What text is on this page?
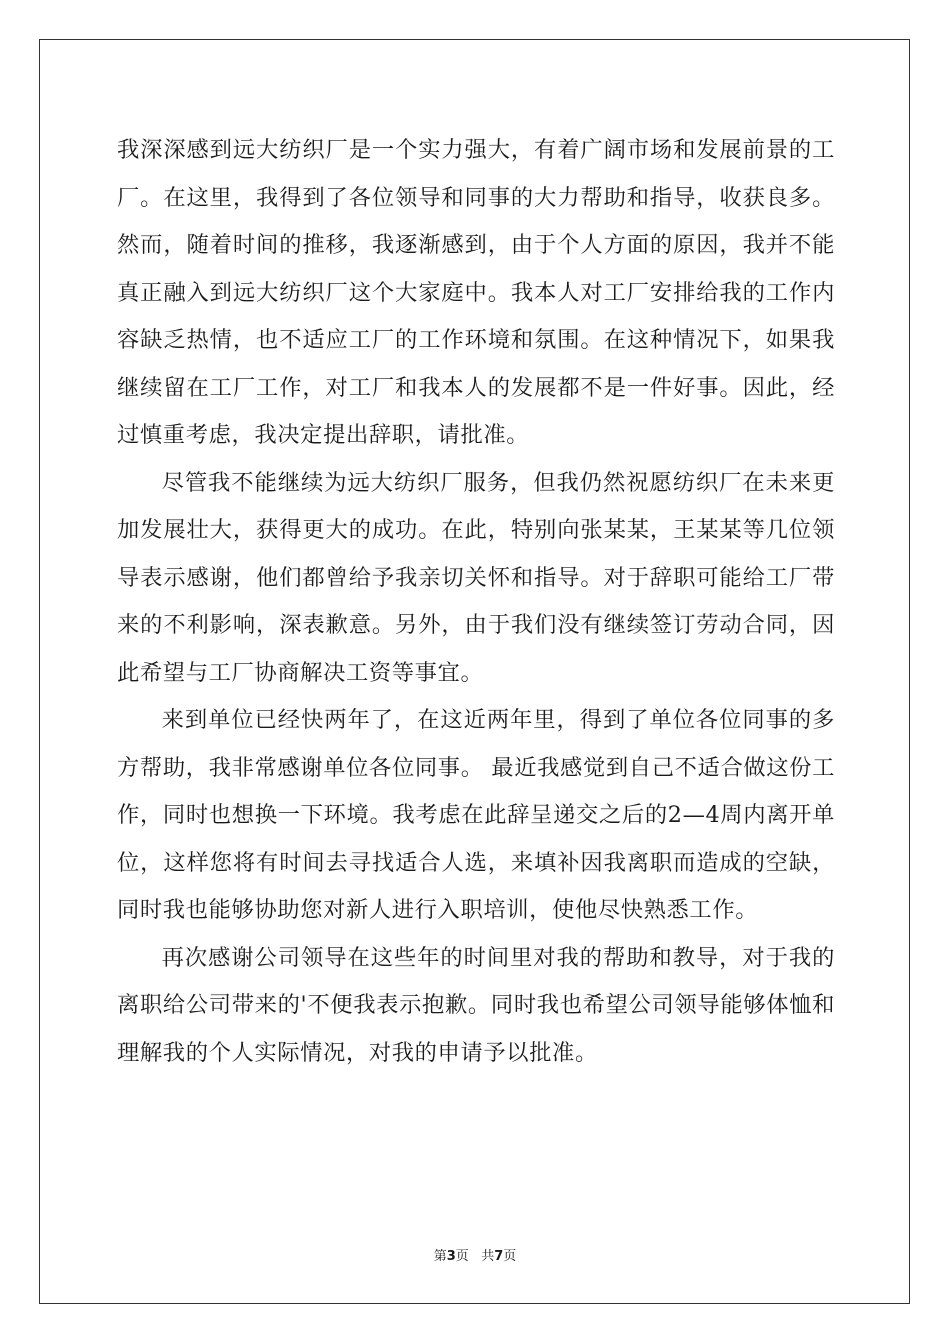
我深深感到远大纺织厂是一个实力强大，有着广阔市场和发展前景的工厂。在这里，我得到了各位领导和同事的大力帮助和指导，收获良多。然而，随着时间的推移，我逐渐感到，由于个人方面的原因，我并不能真正融入到远大纺织厂这个大家庭中。我本人对工厂安排给我的工作内容缺乏热情，也不适应工厂的工作环境和氛围。在这种情况下，如果我继续留在工厂工作，对工厂和我本人的发展都不是一件好事。因此，经过慎重考虑，我决定提出辞职，请批准。

尽管我不能继续为远大纺织厂服务，但我仍然祝愿纺织厂在未来更加发展壮大，获得更大的成功。在此，特别向张某某，王某某等几位领导表示感谢，他们都曾给予我亲切关怀和指导。对于辞职可能给工厂带来的不利影响，深表歉意。另外，由于我们没有继续签订劳动合同，因此希望与工厂协商解决工资等事宜。

来到单位已经快两年了，在这近两年里，得到了单位各位同事的多方帮助，我非常感谢单位各位同事。 最近我感觉到自己不适合做这份工作，同时也想换一下环境。我考虑在此辞呈递交之后的2—4周内离开单位，这样您将有时间去寻找适合人选，来填补因我离职而造成的空缺，同时我也能够协助您对新人进行入职培训，使他尽快熟悉工作。

再次感谢公司领导在这些年的时间里对我的帮助和教导，对于我的离职给公司带来的'不便我表示抱歉。同时我也希望公司领导能够体恤和理解我的个人实际情况，对我的申请予以批准。

第3页 共7页
